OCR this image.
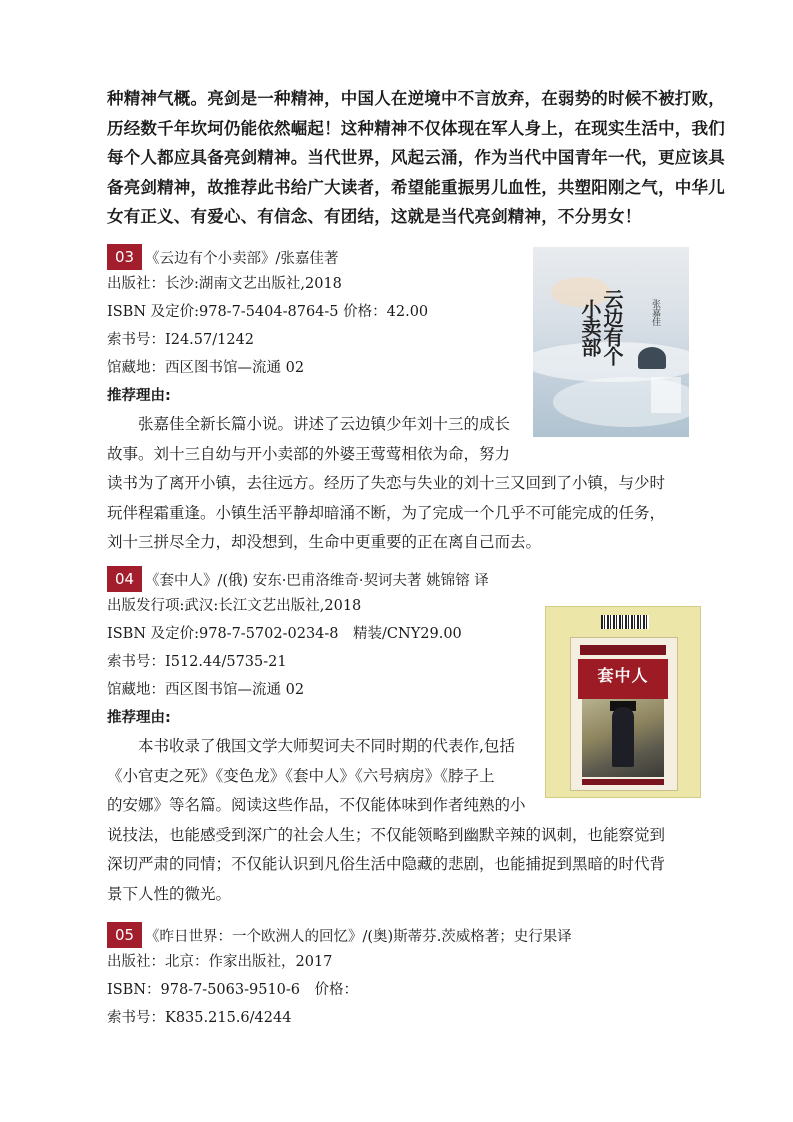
种精神气概。亮剑是一种精神，中国人在逆境中不言放弃，在弱势的时候不被打败，
历经数千年坎坷仍能依然崛起！这种精神不仅体现在军人身上，在现实生活中，我们
每个人都应具备亮剑精神。当代世界，风起云涌，作为当代中国青年一代，更应该具
备亮剑精神，故推荐此书给广大读者，希望能重振男儿血性，共塑阳刚之气，中华儿
女有正义、有爱心、有信念、有团结，这就是当代亮剑精神，不分男女！
03 《云边有个小卖部》/张嘉佳著
出版社：长沙:湖南文艺出版社,2018
ISBN 及定价:978-7-5404-8764-5 价格：42.00
索书号：I24.57/1242
馆藏地：西区图书馆—流通 02
推荐理由:
　　张嘉佳全新长篇小说。讲述了云边镇少年刘十三的成长
故事。刘十三自幼与开小卖部的外婆王莺莺相依为命，努力
读书为了离开小镇，去往远方。经历了失恋与失业的刘十三又回到了小镇，与少时
玩伴程霜重逢。小镇生活平静却暗涌不断，为了完成一个几乎不可能完成的任务，
刘十三拼尽全力，却没想到，生命中更重要的正在离自己而去。
云边有个
小卖部	张嘉佳
04 《套中人》/(俄) 安东·巴甫洛维奇·契诃夫著 姚锦镕 译
出版发行项:武汉:长江文艺出版社,2018
ISBN 及定价:978-7-5702-0234-8　精装/CNY29.00
索书号：I512.44/5735-21
馆藏地：西区图书馆—流通 02
推荐理由:
　　本书收录了俄国文学大师契诃夫不同时期的代表作,包括
《小官吏之死》《变色龙》《套中人》《六号病房》《脖子上
的安娜》等名篇。阅读这些作品，不仅能体味到作者纯熟的小
说技法，也能感受到深广的社会人生；不仅能领略到幽默辛辣的讽刺，也能察觉到
深切严肃的同情；不仅能认识到凡俗生活中隐藏的悲剧，也能捕捉到黑暗的时代背
景下人性的微光。
套中人
05 《昨日世界：一个欧洲人的回忆》/(奥)斯蒂芬.茨威格著；史行果译
出版社：北京：作家出版社，2017
ISBN：978-7-5063-9510-6　价格：
索书号：K835.215.6/4244
